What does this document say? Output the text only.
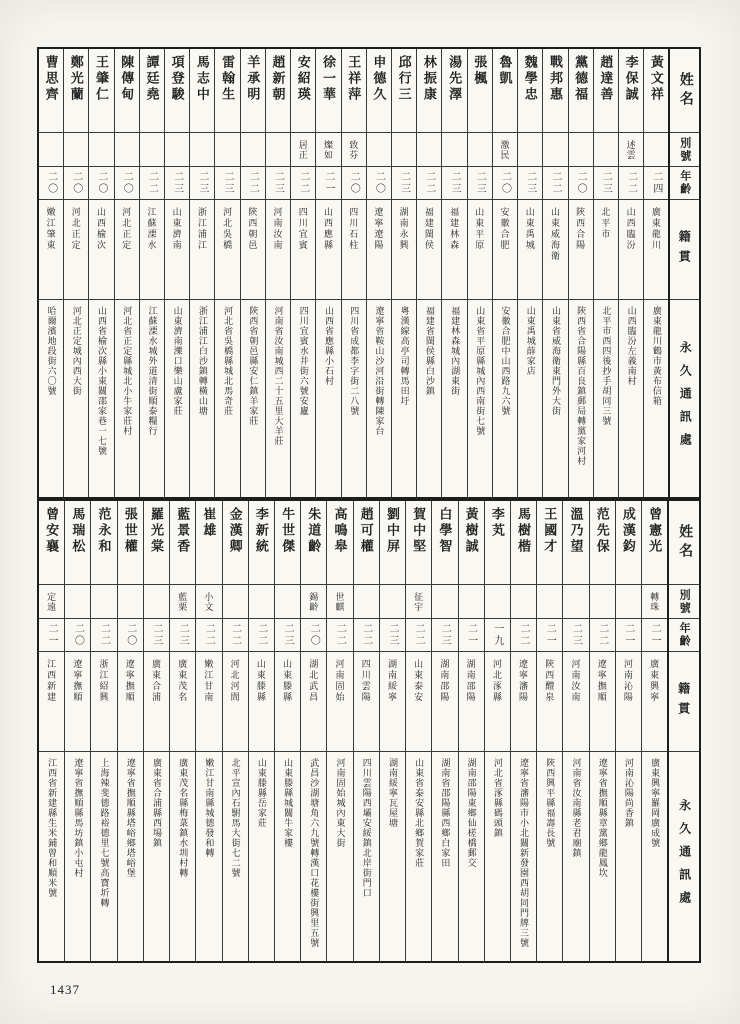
姓名
別號
年齡
籍貫
永久通訊處
黃文祥
二四
廣東龍川
廣東龍川鶴市黃布信箱
李保誠
述雲
二二
山西臨汾
山西臨汾左義南村
趙達善
二三
北平市
北平市西四後抄手胡同三號
黨德福
二〇
陝西合陽
陝西省合陽縣百良鎮郵局轉黨家河村
戰邦惠
二二
山東威海衛
山東省威海衛東門外大街
魏學忠
二三
山東禹城
山東禹城薛家店
魯凱
激民
二〇
安徽合肥
安徽合肥中山西路九六號
張楓
二三
山東平原
山東省平原縣城內西南街七號
湯先澤
二三
福建林森
福建林森城內湖東街
林振康
二二
福建閩侯
福建省閩侯縣白沙鎮
邱行三
二三
湖南永興
粵漢線高亭司轉馬田圩
申德久
二〇
遼寧遼陽
遼寧省鞍山沙河沿街轉陳家台
王祥萍
致芬
二〇
四川石柱
四川省成都李字街二八號
徐一華
燦如
二一
山西應縣
山西省應縣小石村
安紹瑛
居正
二二
四川宜賓
四川宜賓水井街六號安廬
趙新朝
二三
河南汝南
河南省汝南城西二十五里大羊莊
羊承明
二二
陝西朝邑
陝西省朝邑縣安仁鎮羊家莊
雷翰生
二三
河北吳橋
河北省吳橋縣城北馬奇莊
馬志中
二三
浙江浦江
浙江浦江白沙鎮轉橫山塘
項登駿
二三
山東濟南
山東濟南濼口樂山盧家莊
譚廷堯
二二
江蘇溧水
江蘇溧水城外道清街順泰糧行
陳傳甸
二〇
河北正定
河北省正定縣城北小牛家莊村
王肇仁
二〇
山西榆次
山西省榆次縣小東關邵家巷一七號
鄭光蘭
二〇
河北正定
河北正定城內西大街
曹思齊
二〇
嫩江肇東
哈爾濱地段街六〇號
姓名
別號
年齡
籍貫
永久通訊處
曾憲光
轉珠
二一
廣東興寧
廣東興寧羅岡廣成號
成漢鈞
二一
河南沁陽
河南沁陽尚香鎮
范先保
二二
遼寧撫順
遼寧省撫順縣章黨鄉龍鳳坎
溫乃望
二三
河南汝南
河南省汝南縣老君廟鎮
王國才
二一
陝西醴泉
陝西興平縣福壽長號
馬樹楷
二二
遼寧瀋陽
遼寧省瀋陽市小北關新發園西胡同門牌三號
李芄
一九
河北涿縣
河北省涿縣碼頭鎮
黃樹誠
二一
湖南邵陽
湖南邵陽東鄉仙槎橋郵交
白學智
二三
湖南邵陽
湖南省邵陽縣西鄉白家田
賀中堅
征宇
二二
山東泰安
山東省泰安縣北鄉賀家莊
劉中屏
二三
湖南綏寧
湖南綏寧瓦屋塘
趙可權
二二
四川雲陽
四川雲陽西壩安綏鎮北岸街門口
高鳴皋
世麒
二二
河南固始
河南固始城內東大街
朱道齡
錫齡
二〇
湖北武昌
武昌沙湖塘角六九號轉漢口花樓街興里五號
牛世傑
二三
山東滕縣
山東滕縣城關牛家樓
李新統
二二
山東滕縣
山東滕縣岳家莊
金漢卿
二二
河北河間
北平宣內石駙馬大街七二號
崔雄
小文
二二
嫩江甘南
嫩江甘南縣城德發和轉
藍景香
藍栗
二三
廣東茂名
廣東茂名縣梅菉鎮水圳村轉
羅光棠
二三
廣東合浦
廣東省合浦縣西場鎮
張世權
二〇
遼寧撫順
遼寧省撫順縣塔峪鄉塔峪堡
范永和
二二
浙江紹興
上海辣斐德路裕德里七號高寶圻轉
馬瑞松
二〇
遼寧撫順
遼寧省撫順縣馬坊鎮小屯村
曾安襄
定遠
二一
江西新建
江西省新建縣生米鋪曾和順米號
1437
